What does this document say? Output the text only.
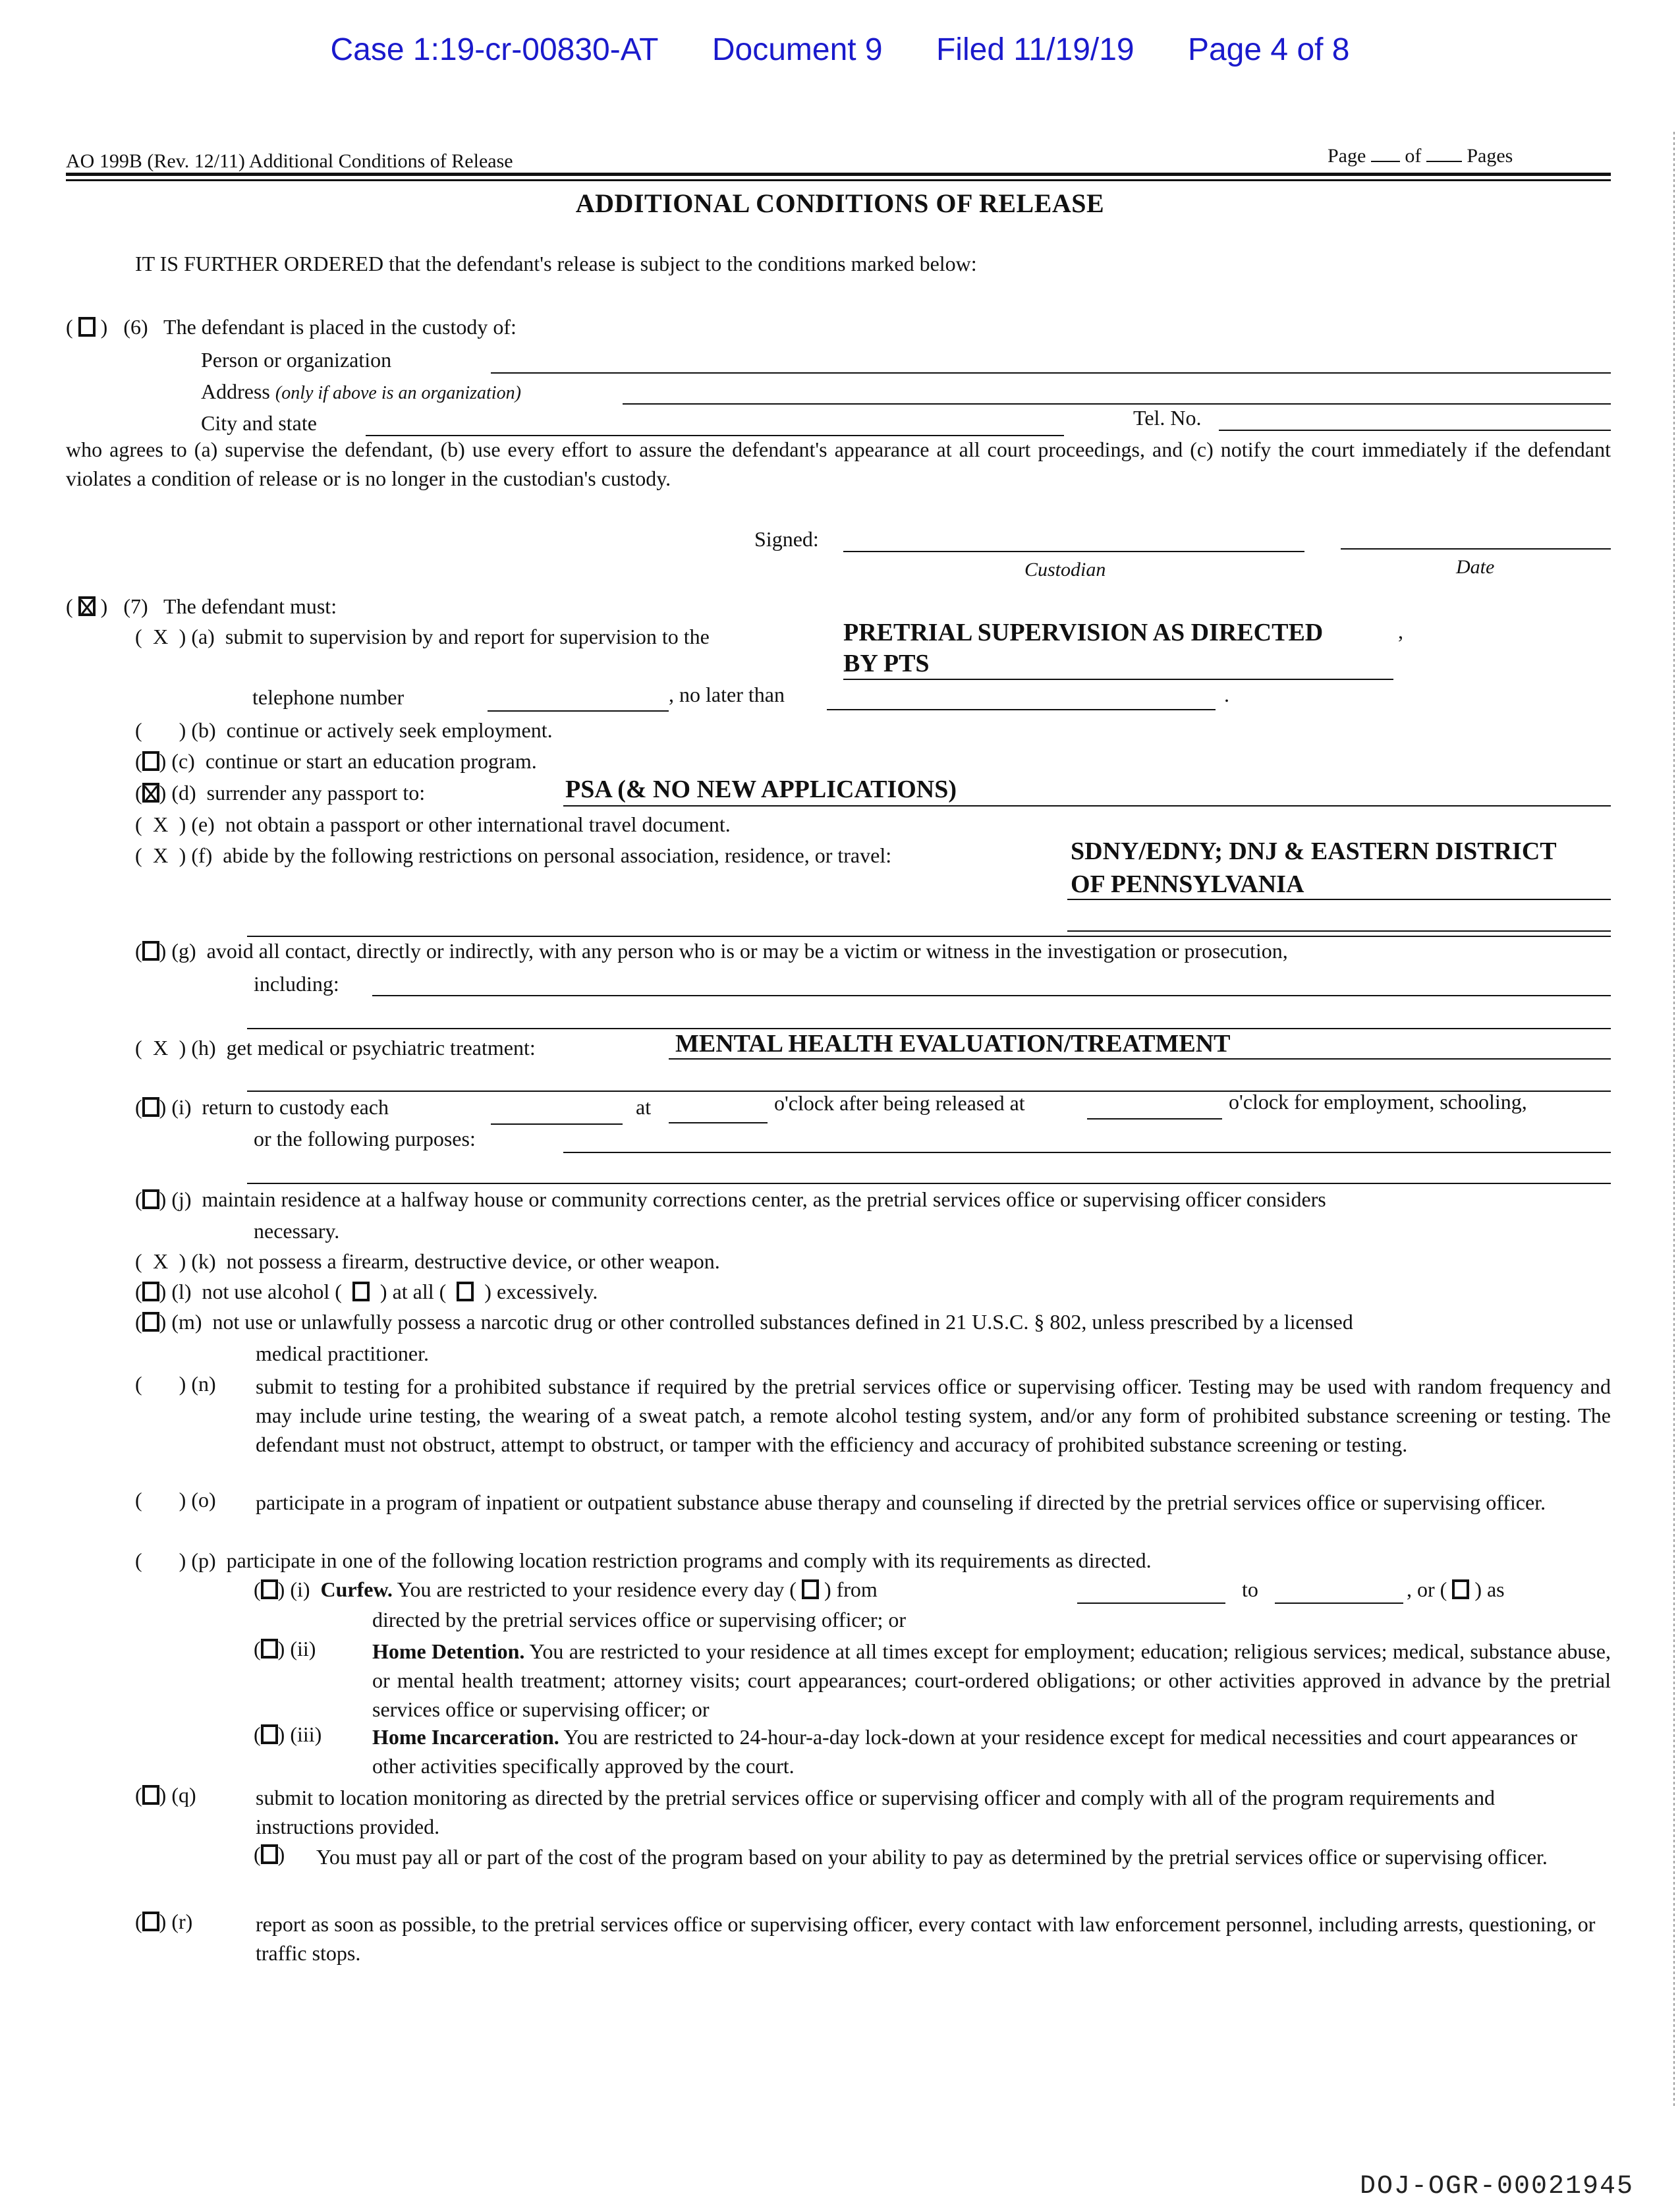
Case 1:19-cr-00830-AT Document 9 Filed 11/19/19 Page 4 of 8
AO 199B (Rev. 12/11) Additional Conditions of Release	Page of Pages
ADDITIONAL CONDITIONS OF RELEASE
IT IS FURTHER ORDERED that the defendant's release is subject to the conditions marked below:
(  )   (6) The defendant is placed in the custody of:
Person or organization
Address (only if above is an organization)
City and state	Tel. No.
who agrees to (a) supervise the defendant, (b) use every effort to assure the defendant's appearance at all court proceedings, and (c) notify the court immediately if the defendant violates a condition of release or is no longer in the custodian's custody.
Signed:
Custodian	Date
(  )   (7) The defendant must:
( X ) (a) submit to supervision by and report for supervision to the	PRETRIAL SUPERVISION AS DIRECTED	,
BY PTS
telephone number	, no later than	.
(  ) (b) continue or actively seek employment.
( ) (c) continue or start an education program.
( ) (d) surrender any passport to:	PSA (& NO NEW APPLICATIONS)
( X ) (e) not obtain a passport or other international travel document.
( X ) (f) abide by the following restrictions on personal association, residence, or travel:	SDNY/EDNY; DNJ & EASTERN DISTRICT
OF PENNSYLVANIA
( ) (g) avoid all contact, directly or indirectly, with any person who is or may be a victim or witness in the investigation or prosecution,
including:
( X ) (h) get medical or psychiatric treatment:	MENTAL HEALTH EVALUATION/TREATMENT
( ) (i) return to custody each	at	o'clock after being released at	o'clock for employment, schooling,
or the following purposes:
( ) (j) maintain residence at a halfway house or community corrections center, as the pretrial services office or supervising officer considers
necessary.
( X ) (k) not possess a firearm, destructive device, or other weapon.
( ) (l) not use alcohol ( ) at all ( ) excessively.
( ) (m) not use or unlawfully possess a narcotic drug or other controlled substances defined in 21 U.S.C. § 802, unless prescribed by a licensed
medical practitioner.
(  ) (n) submit to testing for a prohibited substance if required by the pretrial services office or supervising officer. Testing may be used with random frequency and may include urine testing, the wearing of a sweat patch, a remote alcohol testing system, and/or any form of prohibited substance screening or testing. The defendant must not obstruct, attempt to obstruct, or tamper with the efficiency and accuracy of prohibited substance screening or testing.
(  ) (o) participate in a program of inpatient or outpatient substance abuse therapy and counseling if directed by the pretrial services office or supervising officer.
(  ) (p) participate in one of the following location restriction programs and comply with its requirements as directed.
( ) (i) Curfew. You are restricted to your residence every day ( ) from	to	, or ( ) as
directed by the pretrial services office or supervising officer; or
( ) (ii)	Home Detention. You are restricted to your residence at all times except for employment; education; religious services; medical, substance abuse, or mental health treatment; attorney visits; court appearances; court-ordered obligations; or other activities approved in advance by the pretrial services office or supervising officer; or
( ) (iii) Home Incarceration. You are restricted to 24-hour-a-day lock-down at your residence except for medical necessities and court appearances or other activities specifically approved by the court.
( ) (q)	submit to location monitoring as directed by the pretrial services office or supervising officer and comply with all of the program requirements and instructions provided.
( ) You must pay all or part of the cost of the program based on your ability to pay as determined by the pretrial services office or supervising officer.
( ) (r)	report as soon as possible, to the pretrial services office or supervising officer, every contact with law enforcement personnel, including arrests, questioning, or traffic stops.
DOJ-OGR-00021945
